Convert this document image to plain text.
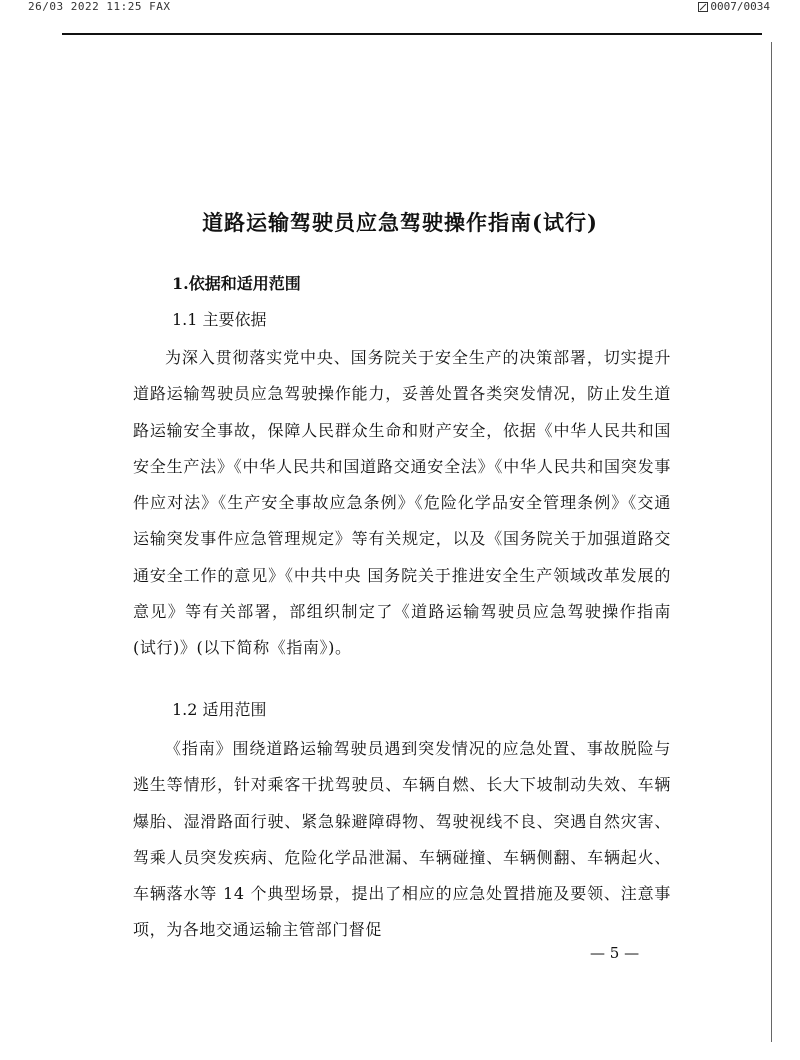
26/03 2022 11:25 FAX	0007/0034
道路运输驾驶员应急驾驶操作指南(试行)
1.依据和适用范围
1.1 主要依据
为深入贯彻落实党中央、国务院关于安全生产的决策部署，切实提升道路运输驾驶员应急驾驶操作能力，妥善处置各类突发情况，防止发生道路运输安全事故，保障人民群众生命和财产安全，依据《中华人民共和国安全生产法》《中华人民共和国道路交通安全法》《中华人民共和国突发事件应对法》《生产安全事故应急条例》《危险化学品安全管理条例》《交通运输突发事件应急管理规定》等有关规定，以及《国务院关于加强道路交通安全工作的意见》《中共中央 国务院关于推进安全生产领域改革发展的意见》等有关部署，部组织制定了《道路运输驾驶员应急驾驶操作指南(试行)》(以下简称《指南》)。
1.2 适用范围
《指南》围绕道路运输驾驶员遇到突发情况的应急处置、事故脱险与逃生等情形，针对乘客干扰驾驶员、车辆自燃、长大下坡制动失效、车辆爆胎、湿滑路面行驶、紧急躲避障碍物、驾驶视线不良、突遇自然灾害、驾乘人员突发疾病、危险化学品泄漏、车辆碰撞、车辆侧翻、车辆起火、车辆落水等 14 个典型场景，提出了相应的应急处置措施及要领、注意事项，为各地交通运输主管部门督促
— 5 —
